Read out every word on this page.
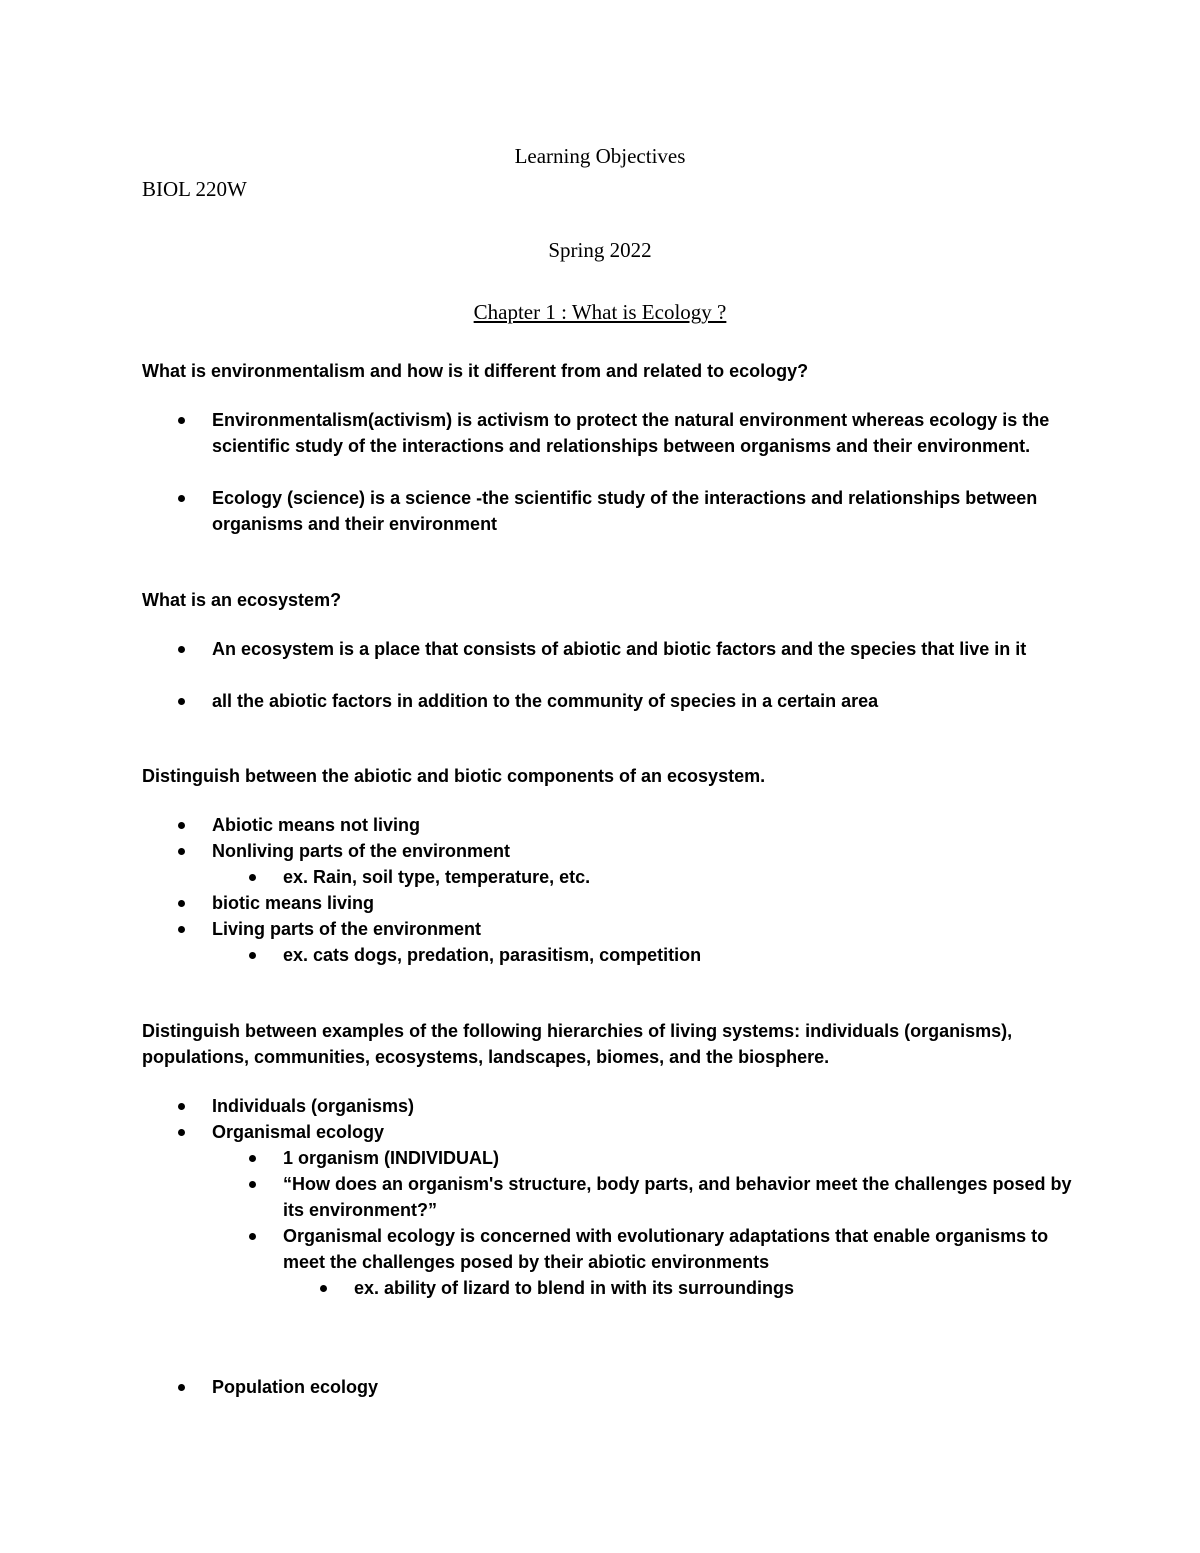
Learning Objectives
BIOL 220W
Spring 2022
Chapter 1 : What is Ecology ?
What is environmentalism and how is it different from and related to ecology?
Environmentalism(activism) is activism to protect the natural environment whereas ecology is the scientific study of the interactions and relationships between organisms and their environment.
Ecology (science) is a science -the scientific study of the interactions and relationships between organisms and their environment
What is an ecosystem?
An ecosystem is a place that consists of abiotic and biotic factors and the species that live in it
all the abiotic factors in addition to the community of species in a certain area
Distinguish between the abiotic and biotic components of an ecosystem.
Abiotic means not living
Nonliving parts of the environment
ex. Rain, soil type, temperature, etc.
biotic means living
Living parts of the environment
ex. cats dogs, predation, parasitism, competition
Distinguish between examples of the following hierarchies of living systems: individuals (organisms), populations, communities, ecosystems, landscapes, biomes, and the biosphere.
Individuals (organisms)
Organismal ecology
1 organism (INDIVIDUAL)
“How does an organism's structure, body parts, and behavior meet the challenges posed by its environment?”
Organismal ecology is concerned with evolutionary adaptations that enable organisms to meet the challenges posed by their abiotic environments
ex. ability of lizard to blend in with its surroundings
Population ecology
